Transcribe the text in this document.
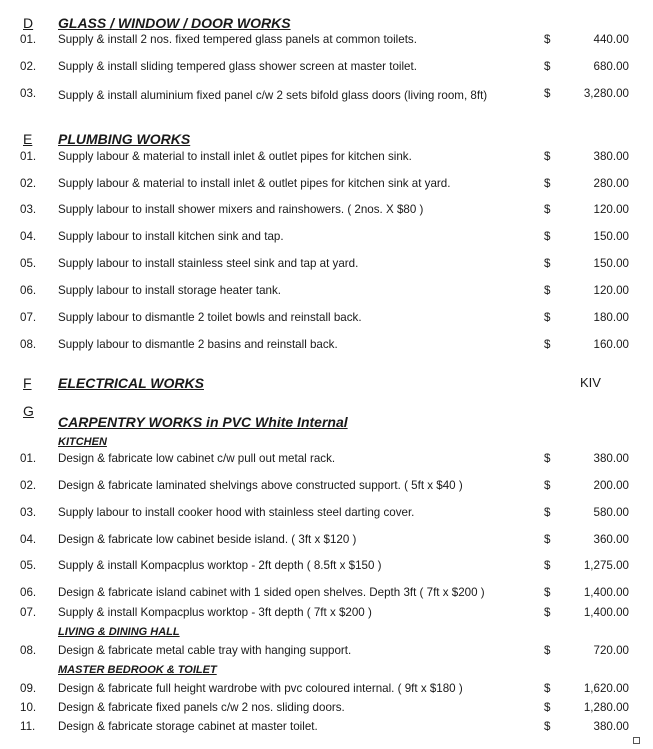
D GLASS / WINDOW / DOOR WORKS
01. Supply & install 2 nos. fixed tempered glass panels at common toilets.	$	440.00
02. Supply & install sliding tempered glass shower screen at master toilet.	$	680.00
03. Supply & install aluminium fixed panel c/w 2 sets bifold glass doors (living room, 8ft)	$	3,280.00
E PLUMBING WORKS
01. Supply labour & material to install inlet & outlet pipes for kitchen sink.	$	380.00
02. Supply labour & material to install inlet & outlet pipes for kitchen sink at yard.	$	280.00
03. Supply labour to install shower mixers and rainshowers. ( 2nos. X $80 )	$	120.00
04. Supply labour to install kitchen sink and tap.	$	150.00
05. Supply labour to install stainless steel sink and tap at yard.	$	150.00
06. Supply labour to install storage heater tank.	$	120.00
07. Supply labour to dismantle 2 toilet bowls and reinstall back.	$	180.00
08. Supply labour to dismantle 2 basins and reinstall back.	$	160.00
F ELECTRICAL WORKS	KIV
G
CARPENTRY WORKS in PVC White Internal
KITCHEN
01. Design & fabricate low cabinet c/w pull out metal rack.	$	380.00
02. Design & fabricate laminated shelvings above constructed support. ( 5ft x $40 )	$	200.00
03. Supply labour to install cooker hood with stainless steel darting cover.	$	580.00
04. Design & fabricate low cabinet beside island. ( 3ft x $120 )	$	360.00
05. Supply & install Kompacplus worktop - 2ft depth ( 8.5ft x $150 )	$	1,275.00
06. Design & fabricate island cabinet with 1 sided open shelves. Depth 3ft ( 7ft x $200 )	$	1,400.00
07. Supply & install Kompacplus worktop - 3ft depth ( 7ft x $200 )	$	1,400.00
LIVING & DINING HALL
08. Design & fabricate metal cable tray with hanging support.	$	720.00
MASTER BEDROOK & TOILET
09. Design & fabricate full height wardrobe with pvc coloured internal. ( 9ft x $180 )	$	1,620.00
10. Design & fabricate fixed panels c/w 2 nos. sliding doors.	$	1,280.00
11. Design & fabricate storage cabinet at master toilet.	$	380.00
